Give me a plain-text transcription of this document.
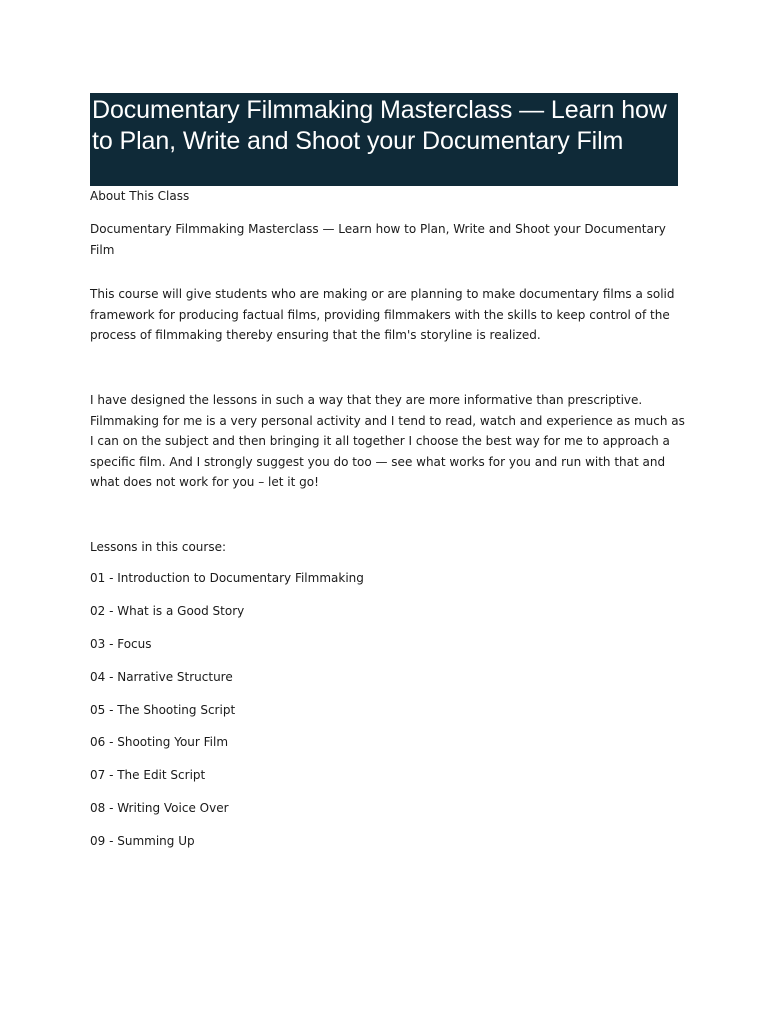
Documentary Filmmaking Masterclass — Learn how to Plan, Write and Shoot your Documentary Film

About This Class

Documentary Filmmaking Masterclass — Learn how to Plan, Write and Shoot your Documentary Film

This course will give students who are making or are planning to make documentary films a solid framework for producing factual films, providing filmmakers with the skills to keep control of the process of filmmaking thereby ensuring that the film's storyline is realized.

I have designed the lessons in such a way that they are more informative than prescriptive. Filmmaking for me is a very personal activity and I tend to read, watch and experience as much as I can on the subject and then bringing it all together I choose the best way for me to approach a specific film. And I strongly suggest you do too — see what works for you and run with that and what does not work for you – let it go!

Lessons in this course:

01 - Introduction to Documentary Filmmaking

02 - What is a Good Story

03 - Focus

04 - Narrative Structure

05 - The Shooting Script

06 - Shooting Your Film

07 - The Edit Script

08 - Writing Voice Over

09 - Summing Up
